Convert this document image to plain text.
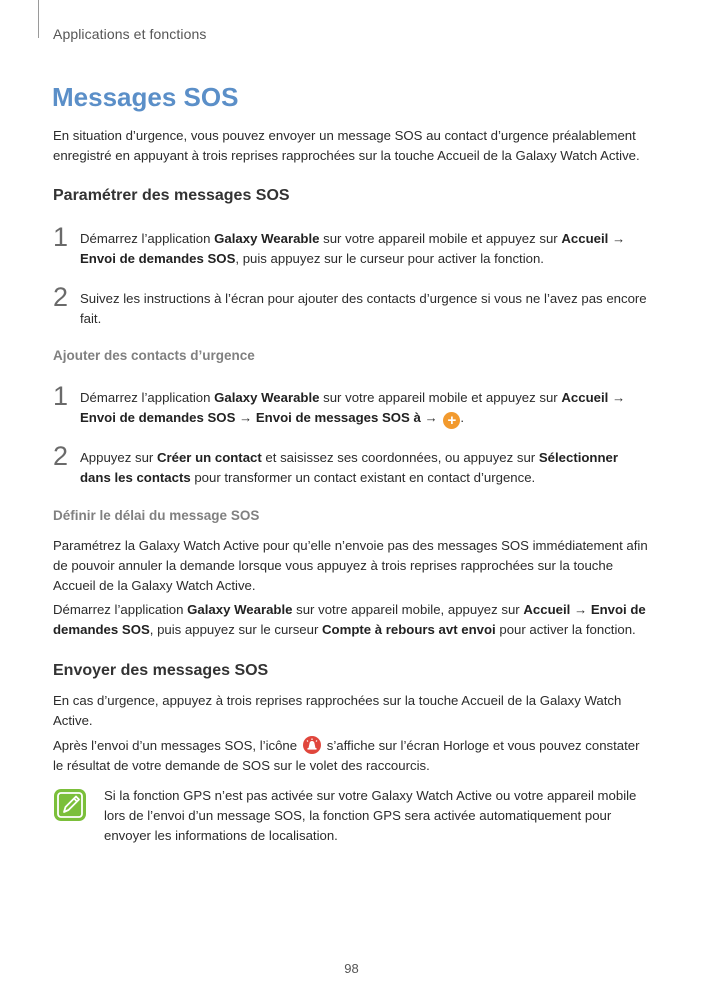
Applications et fonctions
Messages SOS

En situation d’urgence, vous pouvez envoyer un message SOS au contact d’urgence préalablement enregistré en appuyant à trois reprises rapprochées sur la touche Accueil de la Galaxy Watch Active.

Paramétrer des messages SOS
1 Démarrez l’application Galaxy Wearable sur votre appareil mobile et appuyez sur Accueil → Envoi de demandes SOS, puis appuyez sur le curseur pour activer la fonction.

2 Suivez les instructions à l’écran pour ajouter des contacts d’urgence si vous ne l’avez pas encore fait.

Ajouter des contacts d’urgence
1 Démarrez l’application Galaxy Wearable sur votre appareil mobile et appuyez sur Accueil → Envoi de demandes SOS → Envoi de messages SOS à → + .

2 Appuyez sur Créer un contact et saisissez ses coordonnées, ou appuyez sur Sélectionner dans les contacts pour transformer un contact existant en contact d’urgence.

Définir le délai du message SOS

Paramétrez la Galaxy Watch Active pour qu’elle n’envoie pas des messages SOS immédiatement afin de pouvoir annuler la demande lorsque vous appuyez à trois reprises rapprochées sur la touche Accueil de la Galaxy Watch Active.

Démarrez l’application Galaxy Wearable sur votre appareil mobile, appuyez sur Accueil → Envoi de demandes SOS, puis appuyez sur le curseur Compte à rebours avt envoi pour activer la fonction.

Envoyer des messages SOS

En cas d’urgence, appuyez à trois reprises rapprochées sur la touche Accueil de la Galaxy Watch Active.

Après l’envoi d’un messages SOS, l’icône s’affiche sur l’écran Horloge et vous pouvez constater le résultat de votre demande de SOS sur le volet des raccourcis.

Si la fonction GPS n’est pas activée sur votre Galaxy Watch Active ou votre appareil mobile lors de l’envoi d’un message SOS, la fonction GPS sera activée automatiquement pour envoyer les informations de localisation.

98
